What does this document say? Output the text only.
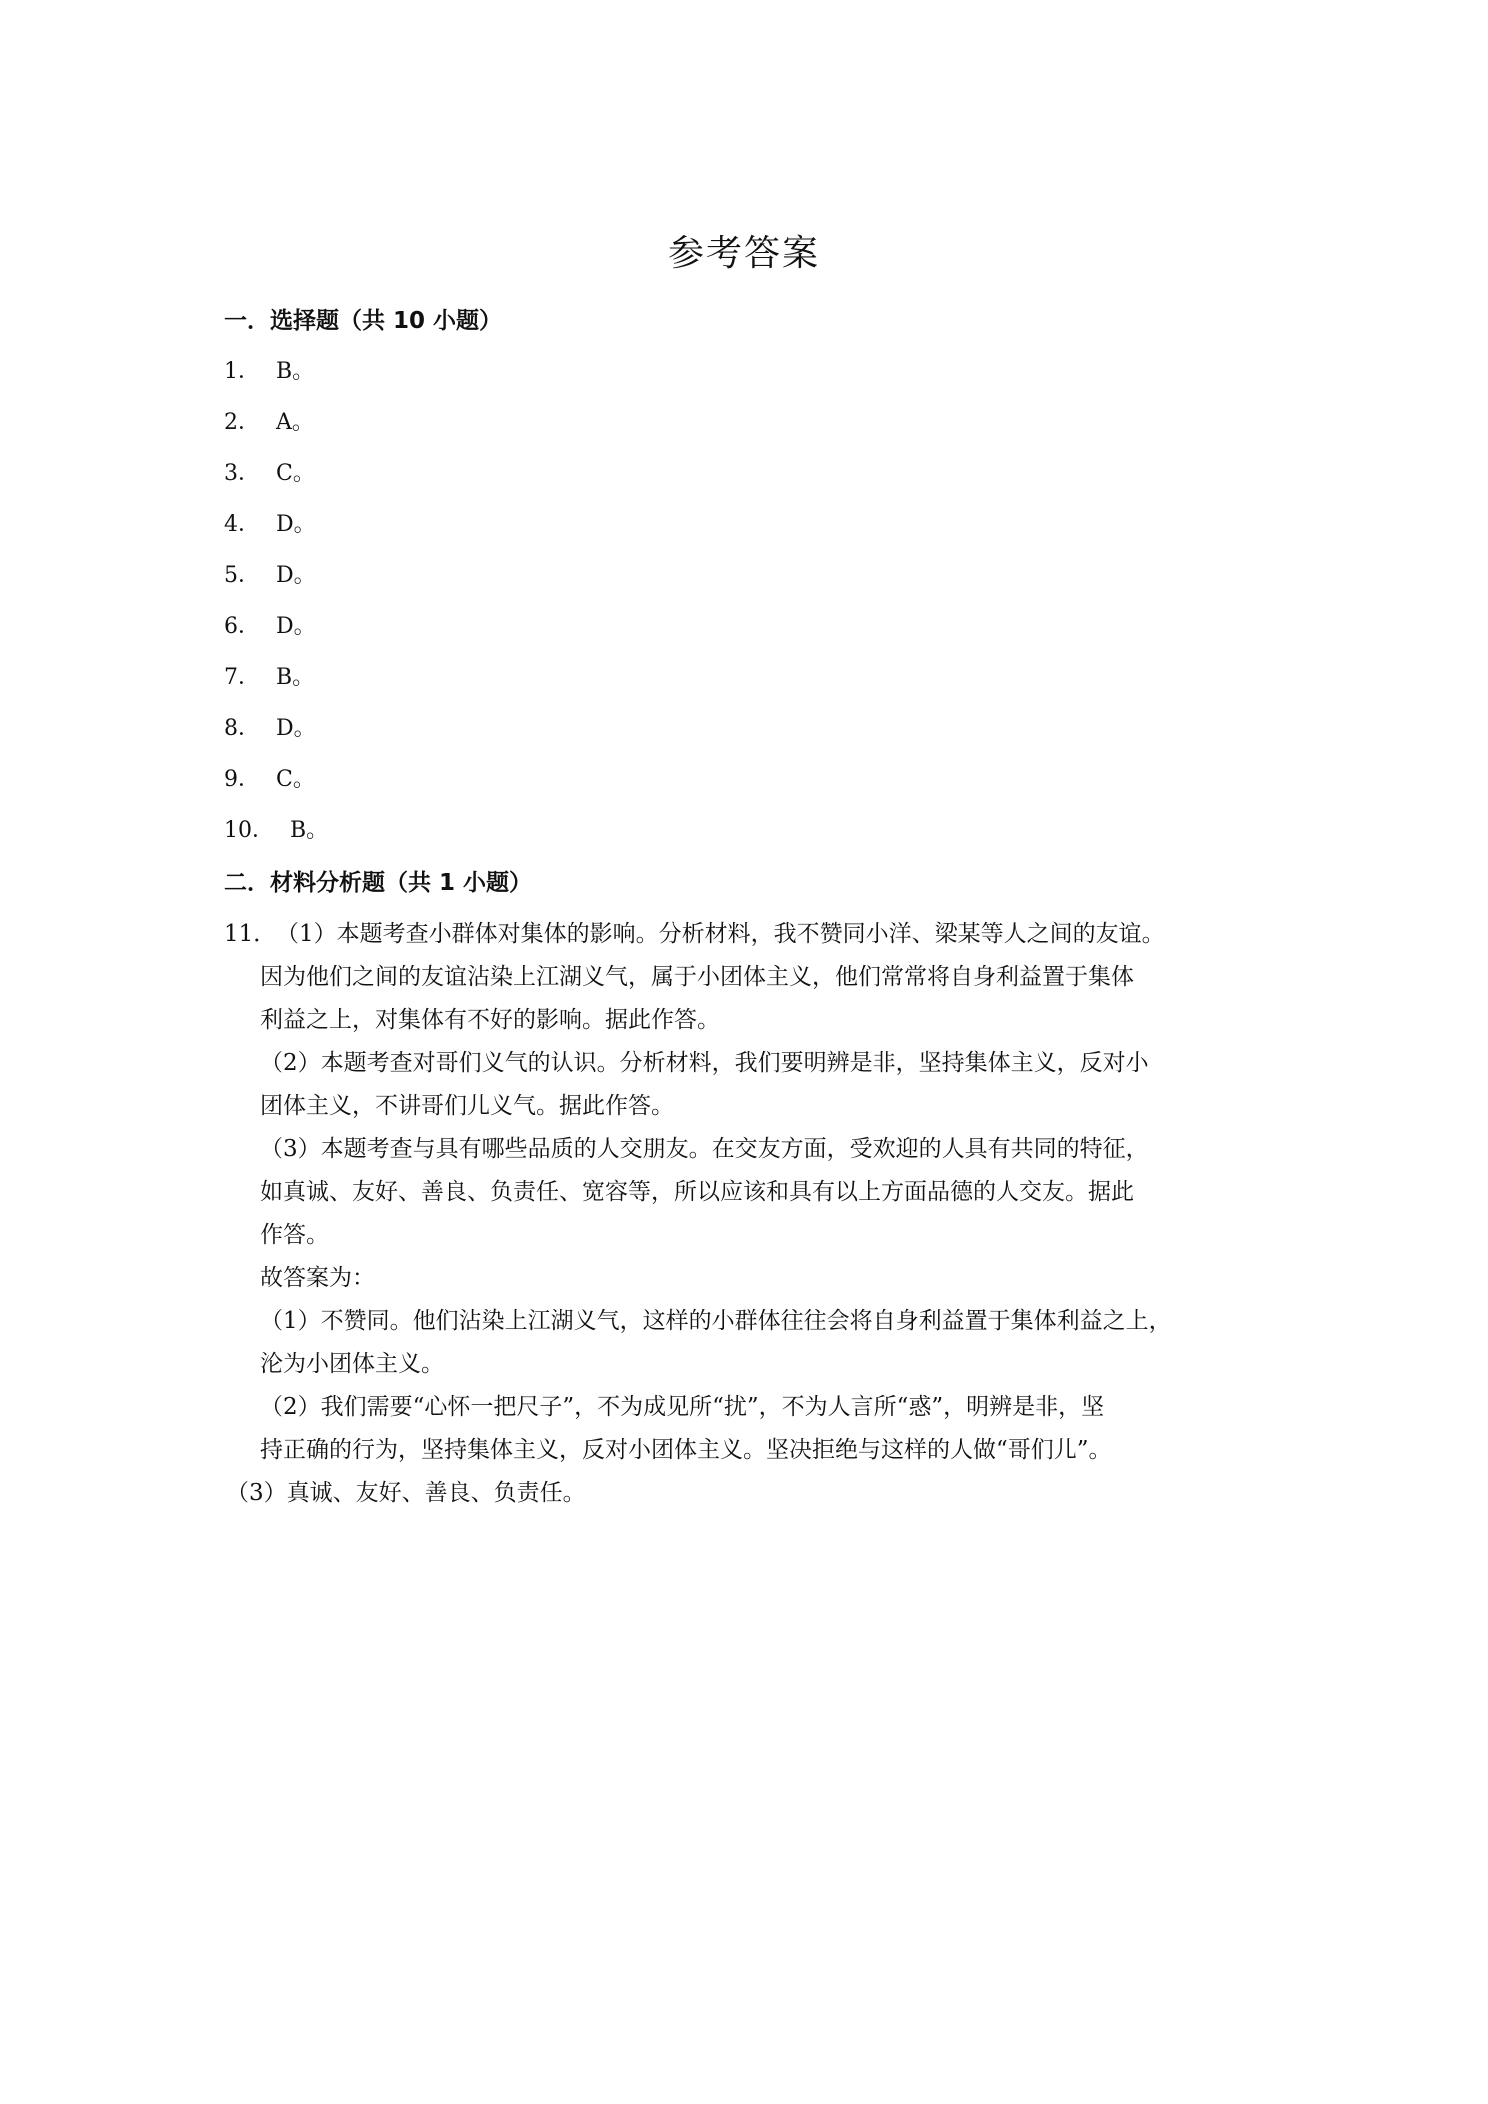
参考答案
一．选择题（共 10 小题）
1． B。
2． A。
3． C。
4． D。
5． D。
6． D。
7． B。
8． D。
9． C。
10． B。
二．材料分析题（共 1 小题）
11．（1）本题考查小群体对集体的影响。分析材料，我不赞同小洋、梁某等人之间的友谊。
因为他们之间的友谊沾染上江湖义气，属于小团体主义，他们常常将自身利益置于集体
利益之上，对集体有不好的影响。据此作答。
（2）本题考查对哥们义气的认识。分析材料，我们要明辨是非，坚持集体主义，反对小
团体主义，不讲哥们儿义气。据此作答。
（3）本题考查与具有哪些品质的人交朋友。在交友方面，受欢迎的人具有共同的特征，
如真诚、友好、善良、负责任、宽容等，所以应该和具有以上方面品德的人交友。据此
作答。
故答案为：
（1）不赞同。他们沾染上江湖义气，这样的小群体往往会将自身利益置于集体利益之上，
沦为小团体主义。
（2）我们需要“心怀一把尺子”，不为成见所“扰”，不为人言所“惑”，明辨是非，坚
持正确的行为，坚持集体主义，反对小团体主义。坚决拒绝与这样的人做“哥们儿”。
（3）真诚、友好、善良、负责任。
